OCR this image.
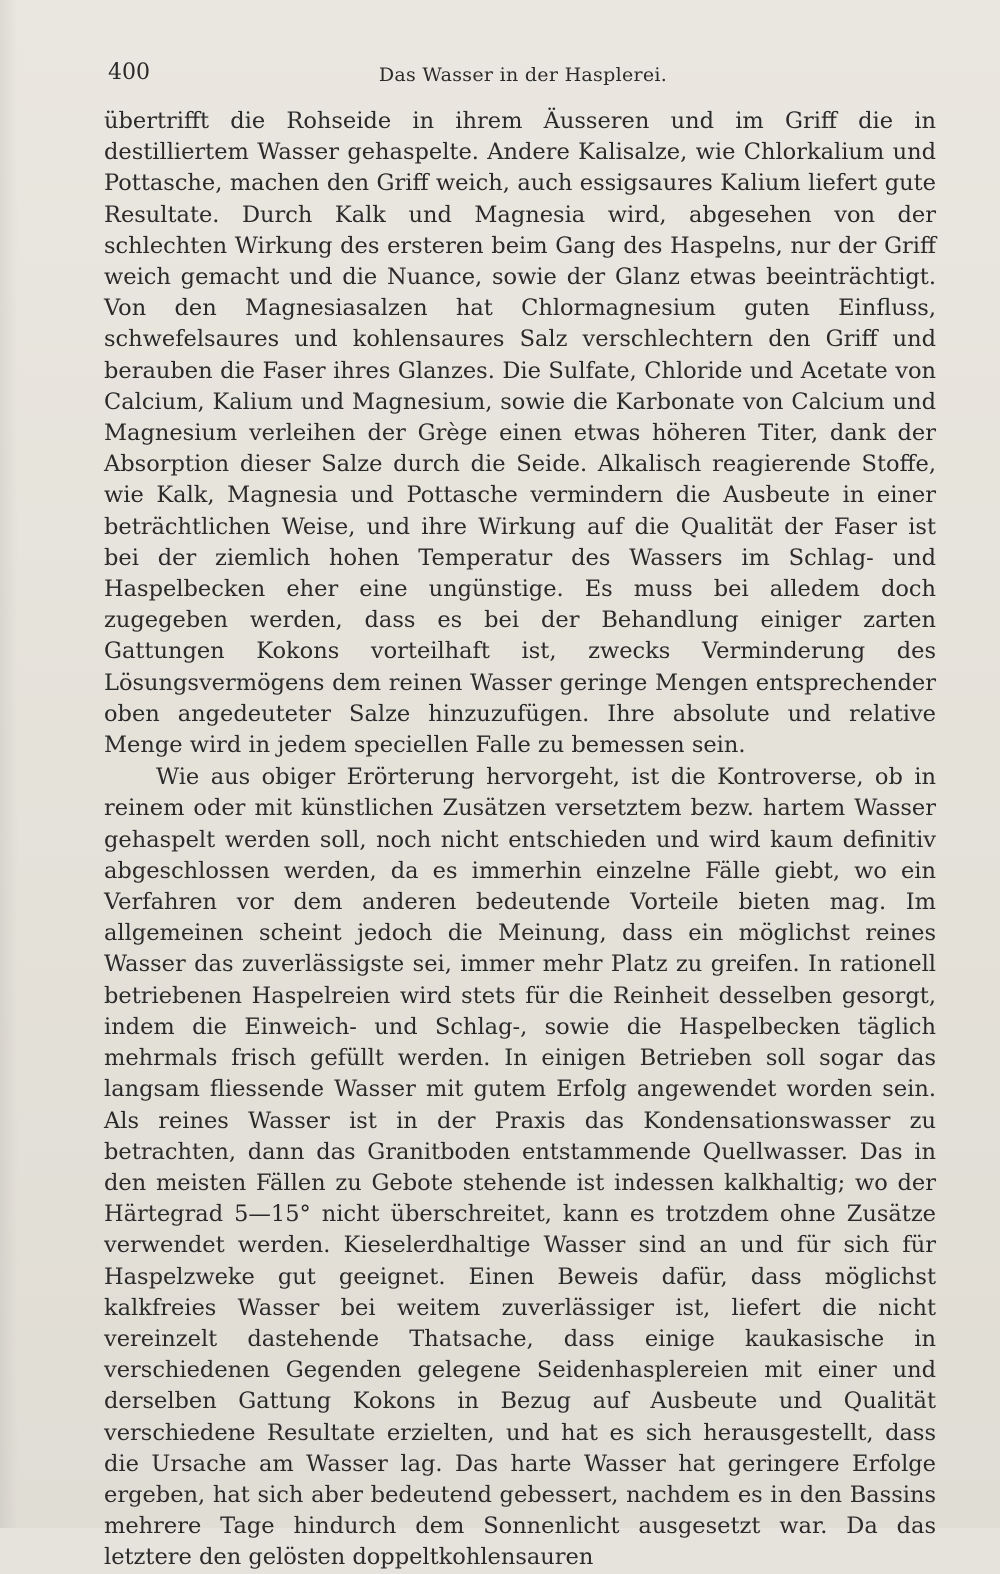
400	Das Wasser in der Hasplerei.

übertrifft die Rohseide in ihrem Äusseren und im Griff die in destilliertem Wasser gehaspelte. Andere Kalisalze, wie Chlorkalium und Pottasche, machen den Griff weich, auch essigsaures Kalium liefert gute Resultate. Durch Kalk und Magnesia wird, abgesehen von der schlechten Wirkung des ersteren beim Gang des Haspelns, nur der Griff weich gemacht und die Nuance, sowie der Glanz etwas beeinträchtigt. Von den Magnesiasalzen hat Chlormagnesium guten Einfluss, schwefelsaures und kohlensaures Salz verschlechtern den Griff und berauben die Faser ihres Glanzes. Die Sulfate, Chloride und Acetate von Calcium, Kalium und Magnesium, sowie die Karbonate von Calcium und Magnesium verleihen der Grège einen etwas höheren Titer, dank der Absorption dieser Salze durch die Seide. Alkalisch reagierende Stoffe, wie Kalk, Magnesia und Pottasche vermindern die Ausbeute in einer beträchtlichen Weise, und ihre Wirkung auf die Qualität der Faser ist bei der ziemlich hohen Temperatur des Wassers im Schlag- und Haspelbecken eher eine ungünstige. Es muss bei alledem doch zugegeben werden, dass es bei der Behandlung einiger zarten Gattungen Kokons vorteilhaft ist, zwecks Verminderung des Lösungsvermögens dem reinen Wasser geringe Mengen entsprechender oben angedeuteter Salze hinzuzufügen. Ihre absolute und relative Menge wird in jedem speciellen Falle zu bemessen sein.

Wie aus obiger Erörterung hervorgeht, ist die Kontroverse, ob in reinem oder mit künstlichen Zusätzen versetztem bezw. hartem Wasser gehaspelt werden soll, noch nicht entschieden und wird kaum definitiv abgeschlossen werden, da es immerhin einzelne Fälle giebt, wo ein Verfahren vor dem anderen bedeutende Vorteile bieten mag. Im allgemeinen scheint jedoch die Meinung, dass ein möglichst reines Wasser das zuverlässigste sei, immer mehr Platz zu greifen. In rationell betriebenen Haspelreien wird stets für die Reinheit desselben gesorgt, indem die Einweich- und Schlag-, sowie die Haspelbecken täglich mehrmals frisch gefüllt werden. In einigen Betrieben soll sogar das langsam fliessende Wasser mit gutem Erfolg angewendet worden sein. Als reines Wasser ist in der Praxis das Kondensationswasser zu betrachten, dann das Granitboden entstammende Quellwasser. Das in den meisten Fällen zu Gebote stehende ist indessen kalkhaltig; wo der Härtegrad 5—15° nicht überschreitet, kann es trotzdem ohne Zusätze verwendet werden. Kieselerdhaltige Wasser sind an und für sich für Haspelzweke gut geeignet. Einen Beweis dafür, dass möglichst kalkfreies Wasser bei weitem zuverlässiger ist, liefert die nicht vereinzelt dastehende Thatsache, dass einige kaukasische in verschiedenen Gegenden gelegene Seidenhasplereien mit einer und derselben Gattung Kokons in Bezug auf Ausbeute und Qualität verschiedene Resultate erzielten, und hat es sich herausgestellt, dass die Ursache am Wasser lag. Das harte Wasser hat geringere Erfolge ergeben, hat sich aber bedeutend gebessert, nachdem es in den Bassins mehrere Tage hindurch dem Sonnenlicht ausgesetzt war. Da das letztere den gelösten doppeltkohlensauren
